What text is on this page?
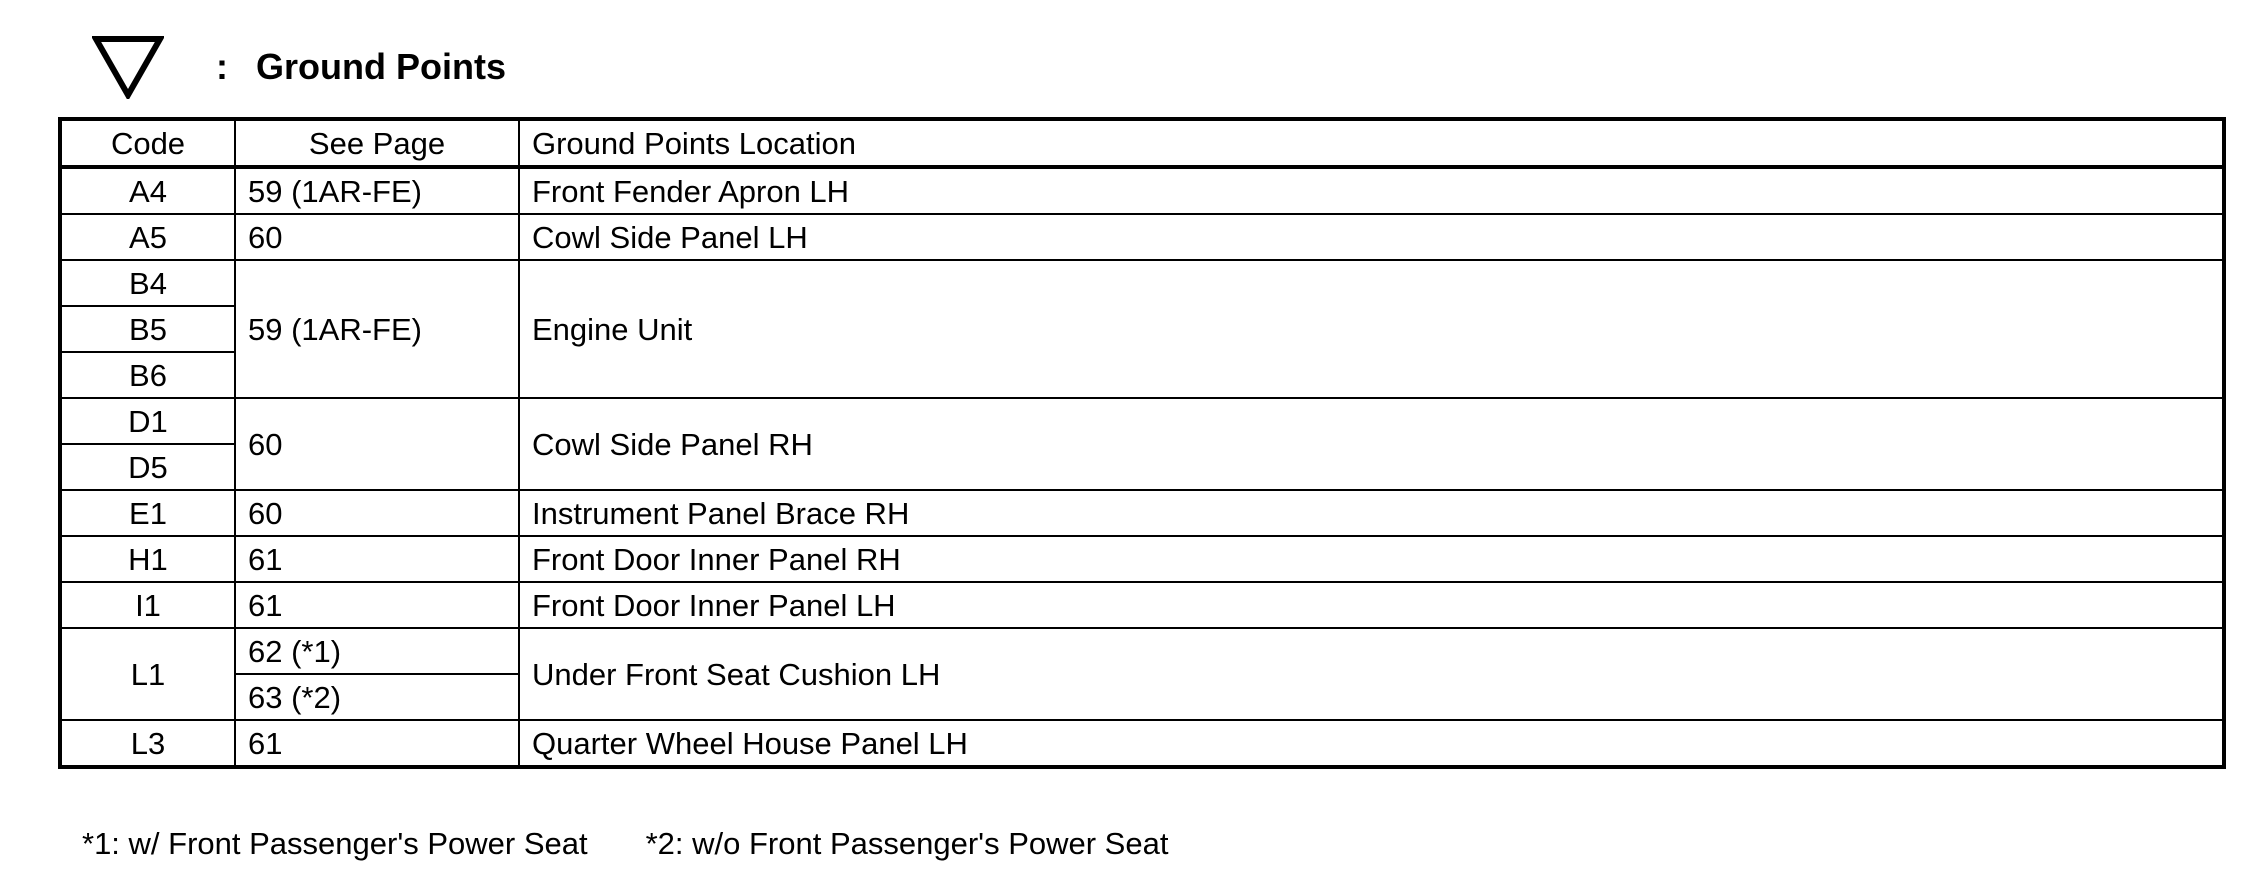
: Ground Points
Code	See Page	Ground Points Location
A4	59 (1AR-FE)	Front Fender Apron LH
A5	60	Cowl Side Panel LH
B4	59 (1AR-FE)	Engine Unit
B5		
B6		
D1	60	Cowl Side Panel RH
D5		
E1	60	Instrument Panel Brace RH
H1	61	Front Door Inner Panel RH
I1	61	Front Door Inner Panel LH
L1	62 (*1)	Under Front Seat Cushion LH
	63 (*2)	
L3	61	Quarter Wheel House Panel LH
*1: w/ Front Passenger's Power Seat *2: w/o Front Passenger's Power Seat
